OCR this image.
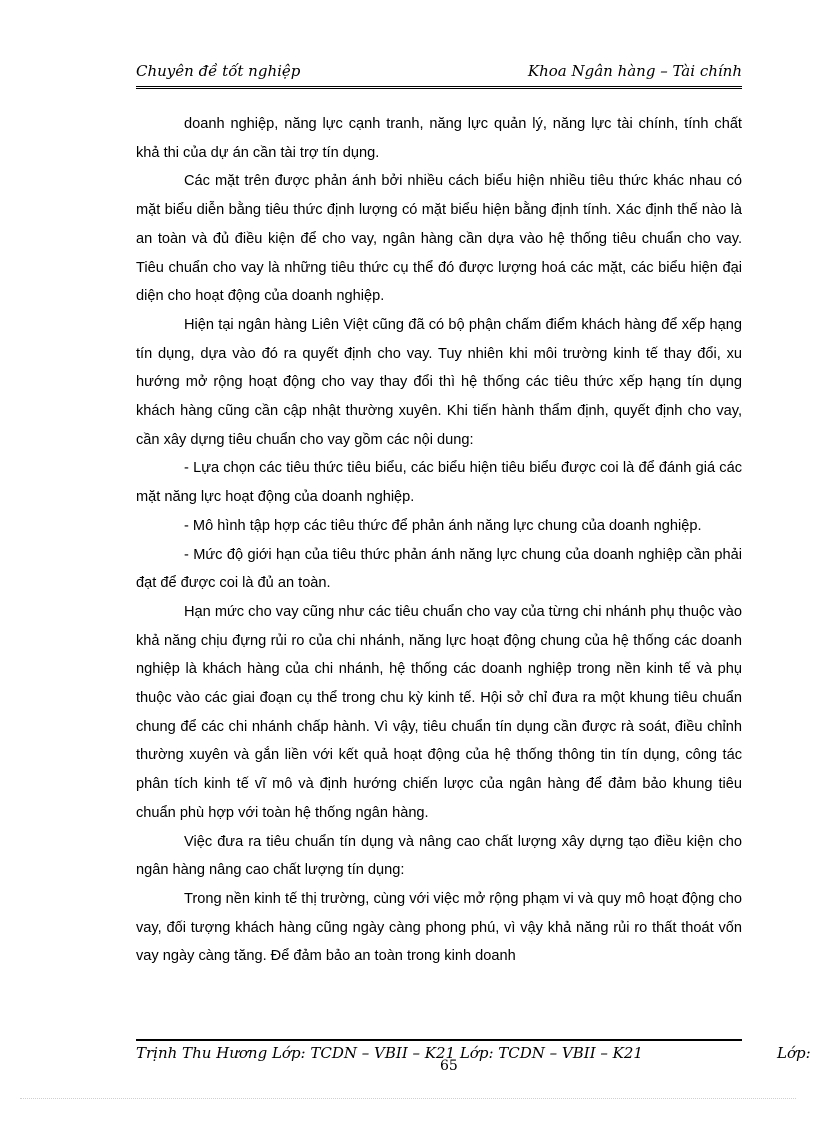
Chuyên đề tốt nghiệp	Khoa Ngân hàng – Tài chính

doanh nghiệp, năng lực cạnh tranh, năng lực quản lý, năng lực tài chính, tính chất khả thi của dự án cần tài trợ tín dụng.

Các mặt trên được phản ánh bởi nhiều cách biểu hiện nhiều tiêu thức khác nhau có mặt biểu diễn bằng tiêu thức định lượng có mặt biểu hiện bằng định tính. Xác định thế nào là an toàn và đủ điều kiện để cho vay, ngân hàng cần dựa vào hệ thống tiêu chuẩn cho vay. Tiêu chuẩn cho vay là những tiêu thức cụ thể đó được lượng hoá các mặt, các biểu hiện đại diện cho hoạt động của doanh nghiệp.

Hiện tại ngân hàng Liên Việt cũng đã có bộ phận chấm điểm khách hàng để xếp hạng tín dụng, dựa vào đó ra quyết định cho vay. Tuy nhiên khi môi trường kinh tế thay đổi, xu hướng mở rộng hoạt động cho vay thay đổi thì hệ thống các tiêu thức xếp hạng tín dụng khách hàng cũng cần cập nhật thường xuyên. Khi tiến hành thẩm định, quyết định cho vay, cần xây dựng tiêu chuẩn cho vay gồm các nội dung:

- Lựa chọn các tiêu thức tiêu biểu, các biểu hiện tiêu biểu được coi là để đánh giá các mặt năng lực hoạt động của doanh nghiệp.

- Mô hình tập hợp các tiêu thức để phản ánh năng lực chung của doanh nghiệp.

- Mức độ giới hạn của tiêu thức phản ánh năng lực chung của doanh nghiệp cần phải đạt để được coi là đủ an toàn.

Hạn mức cho vay cũng như các tiêu chuẩn cho vay của từng chi nhánh phụ thuộc vào khả năng chịu đựng rủi ro của chi nhánh, năng lực hoạt động chung của hệ thống các doanh nghiệp là khách hàng của chi nhánh, hệ thống các doanh nghiệp trong nền kinh tế và phụ thuộc vào các giai đoạn cụ thể trong chu kỳ kinh tế. Hội sở chỉ đưa ra một khung tiêu chuẩn chung để các chi nhánh chấp hành. Vì vậy, tiêu chuẩn tín dụng cần được rà soát, điều chỉnh thường xuyên và gắn liền với kết quả hoạt động của hệ thống thông tin tín dụng, công tác phân tích kinh tế vĩ mô và định hướng chiến lược của ngân hàng để đảm bảo khung tiêu chuẩn phù hợp với toàn hệ thống ngân hàng.

Việc đưa ra tiêu chuẩn tín dụng và nâng cao chất lượng xây dựng tạo điều kiện cho ngân hàng nâng cao chất lượng tín dụng:

Trong nền kinh tế thị trường, cùng với việc mở rộng phạm vi và quy mô hoạt động cho vay, đối tượng khách hàng cũng ngày càng phong phú, vì vậy khả năng rủi ro thất thoát vốn vay ngày càng tăng. Để đảm bảo an toàn trong kinh doanh

Trịnh Thu Hương Lớp: TCDN – VBII – K21 Lớp: TCDN – VBII – K21	Lớp:
65
